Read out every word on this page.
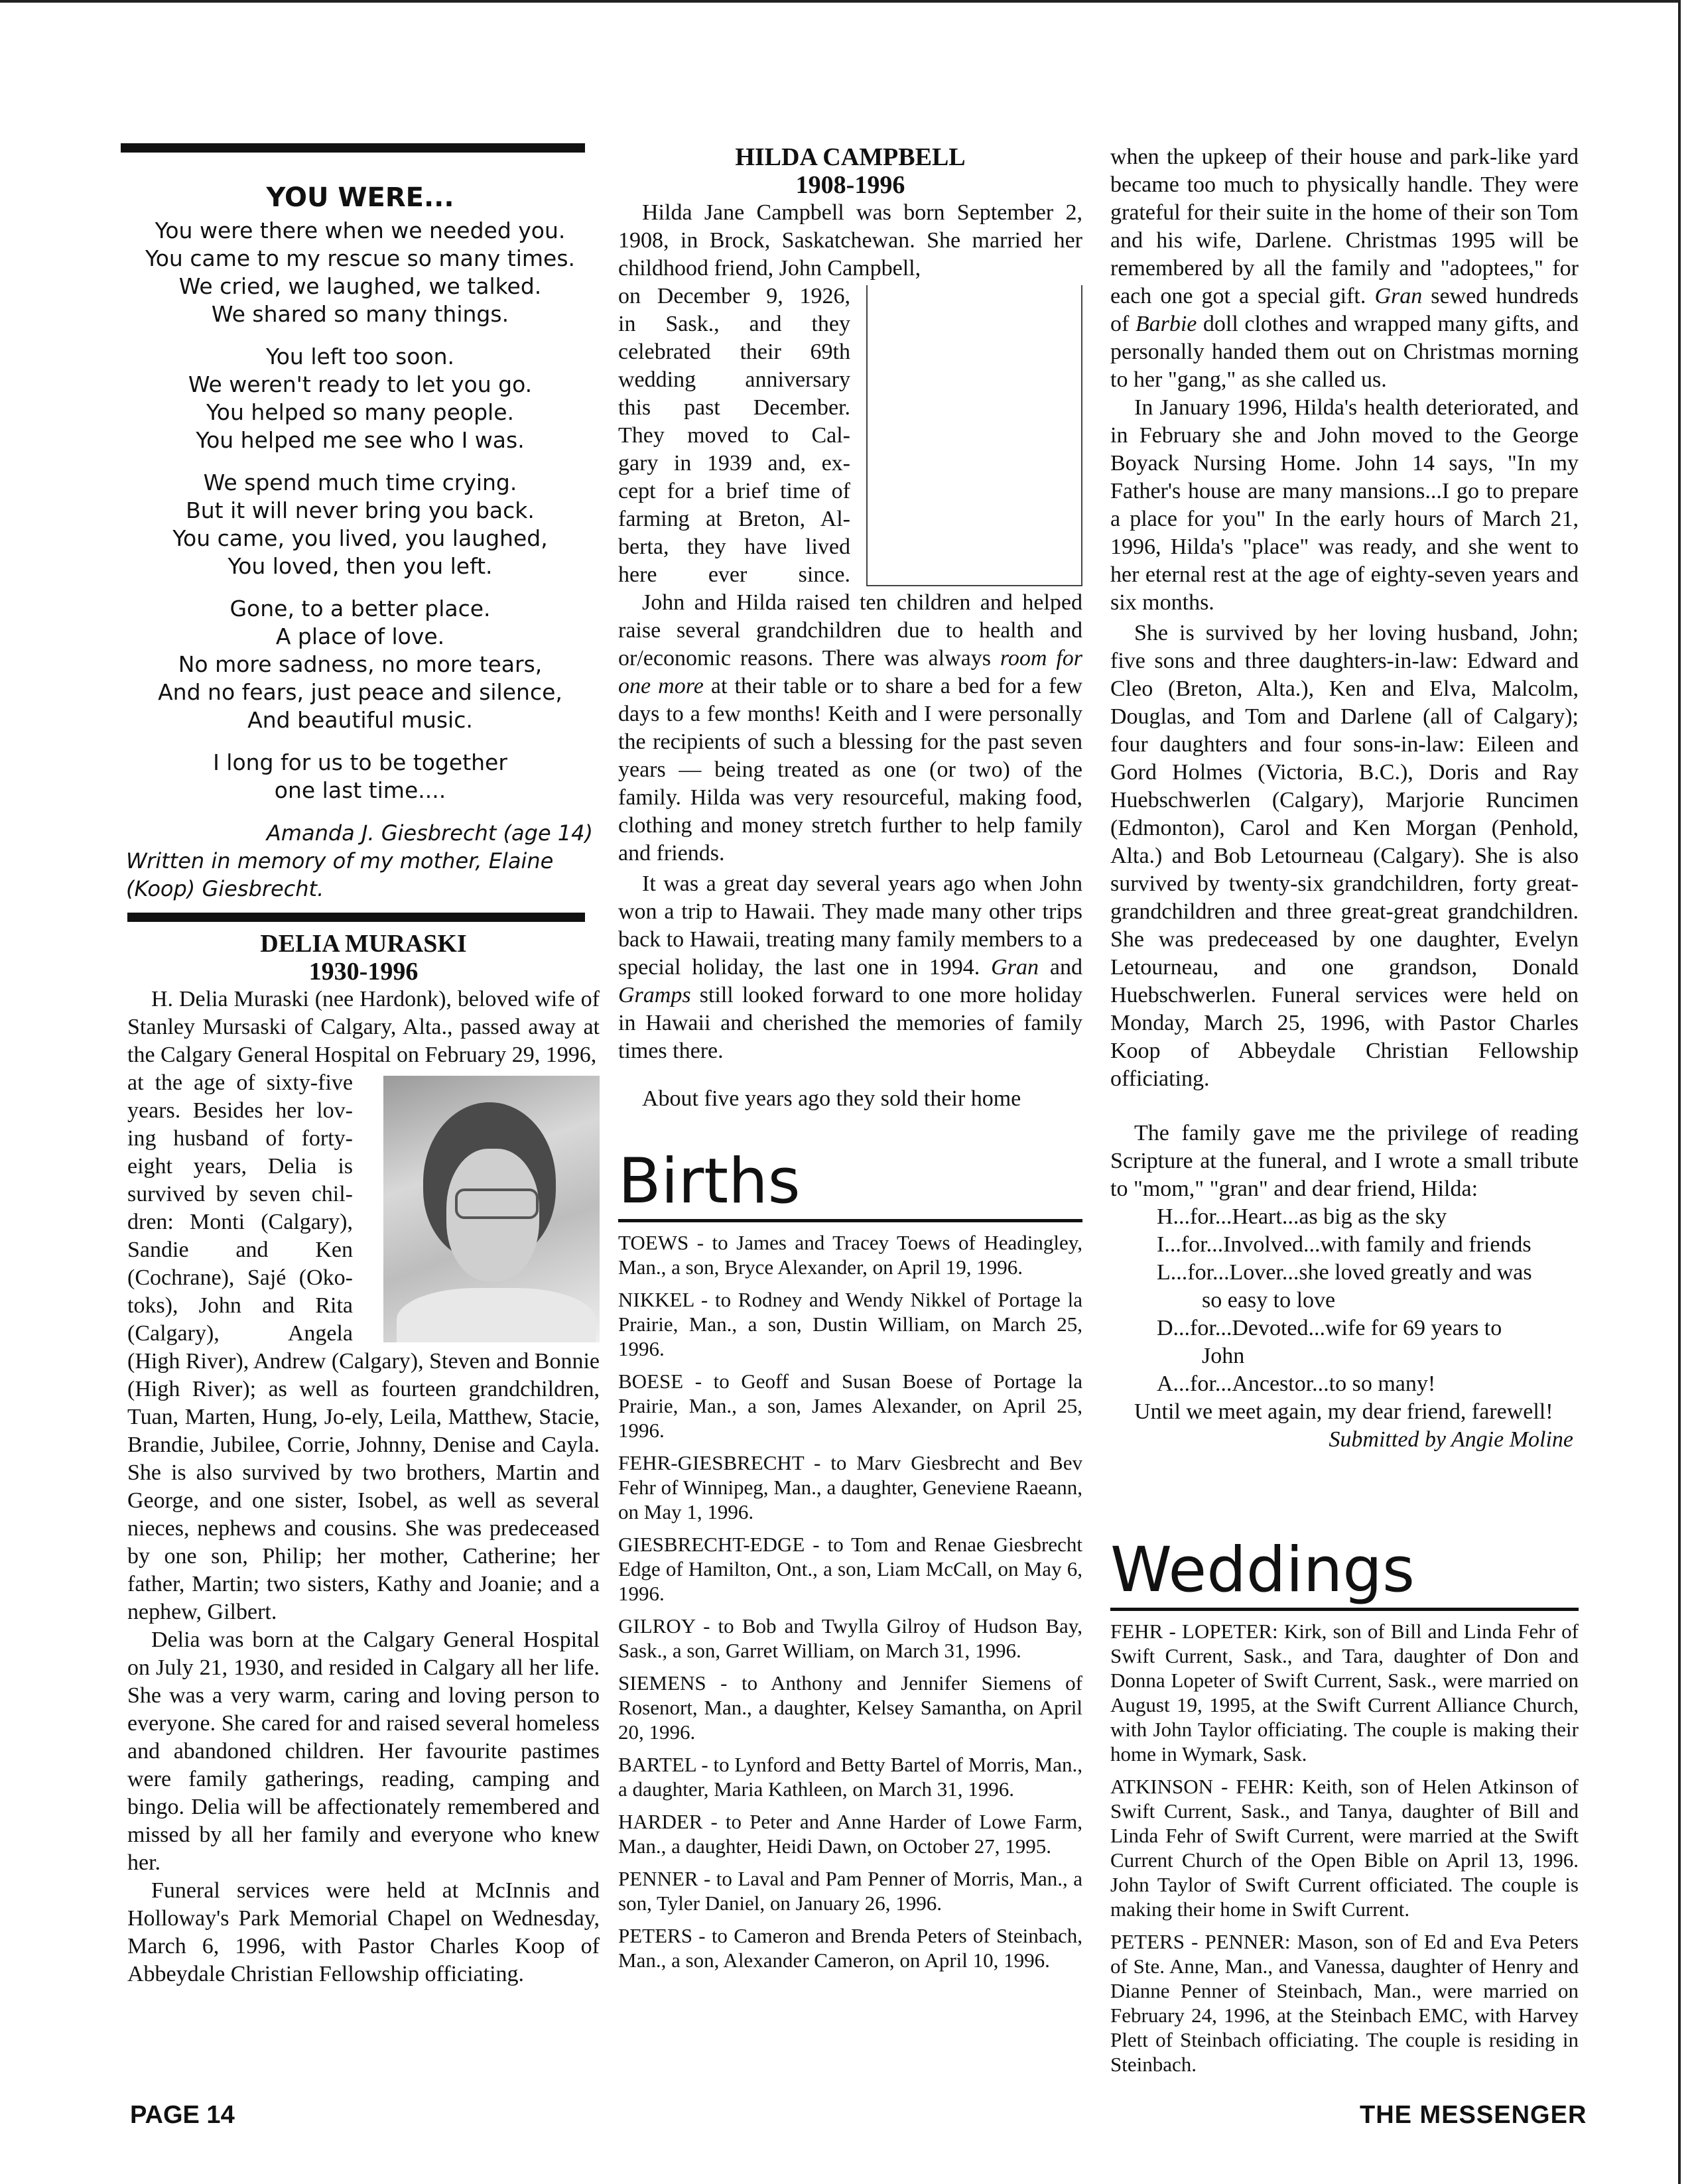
YOU WERE...

You were there when we needed you.

You came to my rescue so many times.

We cried, we laughed, we talked.

We shared so many things.

You left too soon.

We weren't ready to let you go.

You helped so many people.

You helped me see who I was.

We spend much time crying.

But it will never bring you back.

You came, you lived, you laughed,

You loved, then you left.

Gone, to a better place.

A place of love.

No more sadness, no more tears,

And no fears, just peace and silence,

And beautiful music.

I long for us to be together

one last time....

Amanda J. Giesbrecht (age 14)

Written in memory of my mother, Elaine

(Koop) Giesbrecht.

DELIA MURASKI

1930-1996

H. Delia Muraski (nee Hardonk), beloved wife of Stanley Mursaski of Calgary, Alta., passed away at the Calgary General Hospital on February 29, 1996,

at the age of sixty-five

years. Besides her lov-

ing husband of forty-

eight years, Delia is

survived by seven chil-

dren: Monti (Calgary),

Sandie and Ken

(Cochrane), Sajé (Oko-

toks), John and Rita

(Calgary), Angela

(High River), Andrew (Calgary), Steven and Bonnie (High River); as well as fourteen grandchildren, Tuan, Marten, Hung, Jo-ely, Leila, Matthew, Stacie, Brandie, Jubilee, Corrie, Johnny, Denise and Cayla. She is also survived by two brothers, Martin and George, and one sister, Isobel, as well as several nieces, nephews and cousins. She was predeceased by one son, Philip; her mother, Catherine; her father, Martin; two sisters, Kathy and Joanie; and a nephew, Gilbert.

Delia was born at the Calgary General Hospital on July 21, 1930, and resided in Calgary all her life. She was a very warm, caring and loving person to everyone. She cared for and raised several homeless and abandoned children. Her favourite pastimes were family gatherings, reading, camping and bingo. Delia will be affectionately remembered and missed by all her family and everyone who knew her.

Funeral services were held at McInnis and Holloway's Park Memorial Chapel on Wednesday, March 6, 1996, with Pastor Charles Koop of Abbeydale Christian Fellowship officiating.

HILDA CAMPBELL

1908-1996

Hilda Jane Campbell was born September 2, 1908, in Brock, Saskatchewan. She married her childhood friend, John Campbell,

on December 9, 1926,

in Sask., and they

celebrated their 69th

wedding anniversary

this past December.

They moved to Cal-

gary in 1939 and, ex-

cept for a brief time of

farming at Breton, Al-

berta, they have lived

here ever since.

John and Hilda raised ten children and helped raise several grandchildren due to health and or/economic reasons. There was always room for one more at their table or to share a bed for a few days to a few months! Keith and I were personally the recipients of such a blessing for the past seven years — being treated as one (or two) of the family. Hilda was very resourceful, making food, clothing and money stretch further to help family and friends.

It was a great day several years ago when John won a trip to Hawaii. They made many other trips back to Hawaii, treating many family members to a special holiday, the last one in 1994. Gran and Gramps still looked forward to one more holiday in Hawaii and cherished the memories of family times there.

About five years ago they sold their home

Births

TOEWS - to James and Tracey Toews of Headingley, Man., a son, Bryce Alexander, on April 19, 1996.

NIKKEL - to Rodney and Wendy Nikkel of Portage la Prairie, Man., a son, Dustin William, on March 25, 1996.

BOESE - to Geoff and Susan Boese of Portage la Prairie, Man., a son, James Alexander, on April 25, 1996.

FEHR-GIESBRECHT - to Marv Giesbrecht and Bev Fehr of Winnipeg, Man., a daughter, Geneviene Raeann, on May 1, 1996.

GIESBRECHT-EDGE - to Tom and Renae Giesbrecht Edge of Hamilton, Ont., a son, Liam McCall, on May 6, 1996.

GILROY - to Bob and Twylla Gilroy of Hudson Bay, Sask., a son, Garret William, on March 31, 1996.

SIEMENS - to Anthony and Jennifer Siemens of Rosenort, Man., a daughter, Kelsey Samantha, on April 20, 1996.

BARTEL - to Lynford and Betty Bartel of Morris, Man., a daughter, Maria Kathleen, on March 31, 1996.

HARDER - to Peter and Anne Harder of Lowe Farm, Man., a daughter, Heidi Dawn, on October 27, 1995.

PENNER - to Laval and Pam Penner of Morris, Man., a son, Tyler Daniel, on January 26, 1996.

PETERS - to Cameron and Brenda Peters of Steinbach, Man., a son, Alexander Cameron, on April 10, 1996.

when the upkeep of their house and park-like yard became too much to physically handle. They were grateful for their suite in the home of their son Tom and his wife, Darlene. Christmas 1995 will be remembered by all the family and "adoptees," for each one got a special gift. Gran sewed hundreds of Barbie doll clothes and wrapped many gifts, and personally handed them out on Christmas morning to her "gang," as she called us.

In January 1996, Hilda's health deteriorated, and in February she and John moved to the George Boyack Nursing Home. John 14 says, "In my Father's house are many mansions...I go to prepare a place for you" In the early hours of March 21, 1996, Hilda's "place" was ready, and she went to her eternal rest at the age of eighty-seven years and six months.

She is survived by her loving husband, John; five sons and three daughters-in-law: Edward and Cleo (Breton, Alta.), Ken and Elva, Malcolm, Douglas, and Tom and Darlene (all of Calgary); four daughters and four sons-in-law: Eileen and Gord Holmes (Victoria, B.C.), Doris and Ray Huebschwerlen (Calgary), Marjorie Runcimen (Edmonton), Carol and Ken Morgan (Penhold, Alta.) and Bob Letourneau (Calgary). She is also survived by twenty-six grandchildren, forty great-grandchildren and three great-great grandchildren. She was predeceased by one daughter, Evelyn Letourneau, and one grandson, Donald Huebschwerlen. Funeral services were held on Monday, March 25, 1996, with Pastor Charles Koop of Abbeydale Christian Fellowship officiating.

The family gave me the privilege of reading Scripture at the funeral, and I wrote a small tribute to "mom," "gran" and dear friend, Hilda:

H...for...Heart...as big as the sky

I...for...Involved...with family and friends

L...for...Lover...she loved greatly and was

so easy to love

D...for...Devoted...wife for 69 years to

John

A...for...Ancestor...to so many!

Until we meet again, my dear friend, farewell!

Submitted by Angie Moline

Weddings

FEHR - LOPETER: Kirk, son of Bill and Linda Fehr of Swift Current, Sask., and Tara, daughter of Don and Donna Lopeter of Swift Current, Sask., were married on August 19, 1995, at the Swift Current Alliance Church, with John Taylor officiating. The couple is making their home in Wymark, Sask.

ATKINSON - FEHR: Keith, son of Helen Atkinson of Swift Current, Sask., and Tanya, daughter of Bill and Linda Fehr of Swift Current, were married at the Swift Current Church of the Open Bible on April 13, 1996. John Taylor of Swift Current officiated. The couple is making their home in Swift Current.

PETERS - PENNER: Mason, son of Ed and Eva Peters of Ste. Anne, Man., and Vanessa, daughter of Henry and Dianne Penner of Steinbach, Man., were married on February 24, 1996, at the Steinbach EMC, with Harvey Plett of Steinbach officiating. The couple is residing in Steinbach.

PAGE 14	THE MESSENGER
